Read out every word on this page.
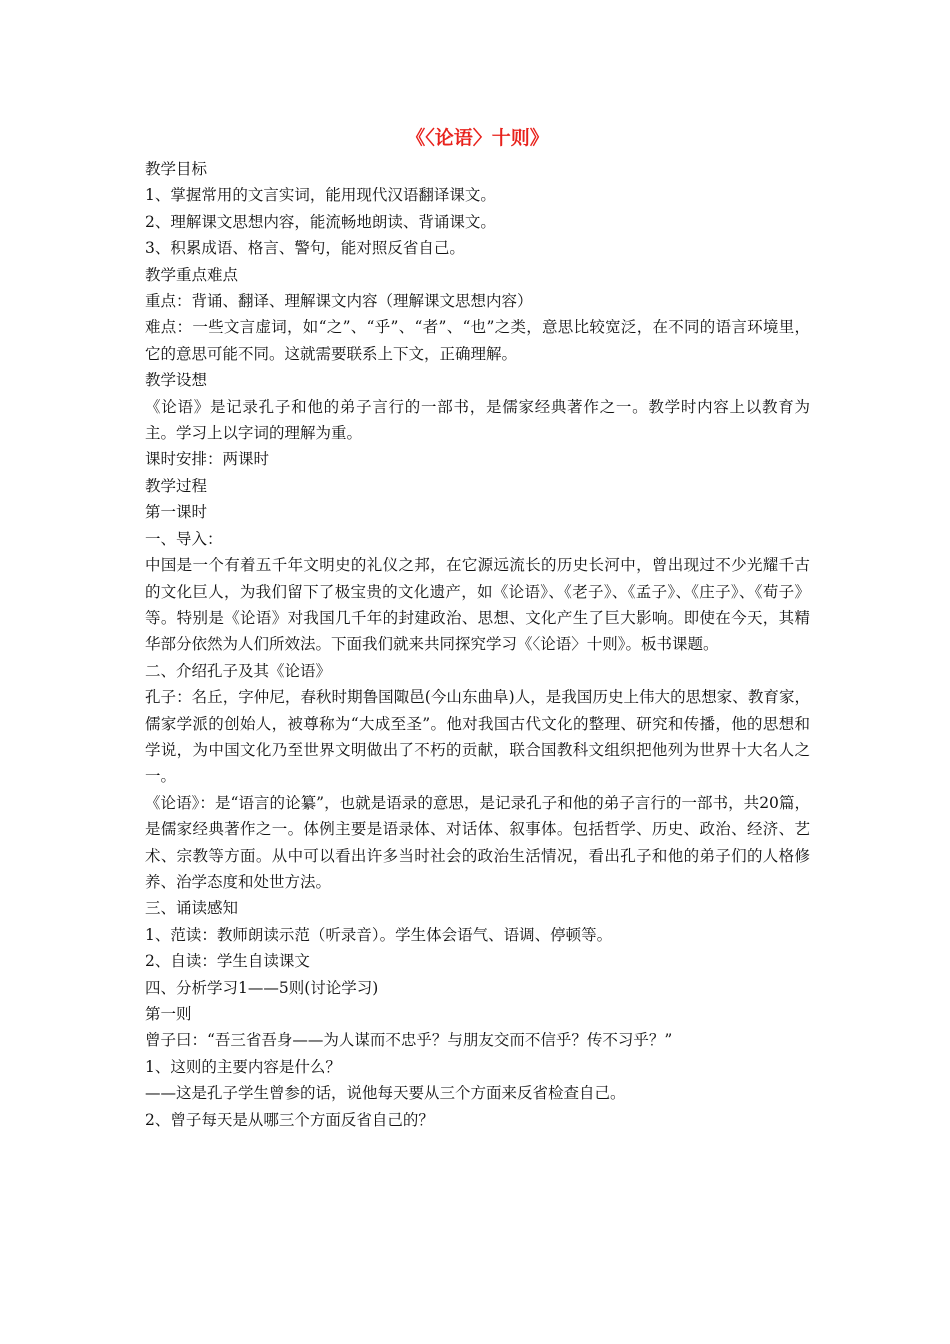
《〈论语〉十则》

教学目标

1、掌握常用的文言实词，能用现代汉语翻译课文。

2、理解课文思想内容，能流畅地朗读、背诵课文。

3、积累成语、格言、警句，能对照反省自己。

教学重点难点

重点：背诵、翻译、理解课文内容（理解课文思想内容）

难点：一些文言虚词，如“之”、“乎”、“者”、“也”之类，意思比较宽泛，在不同的语言环境里，它的意思可能不同。这就需要联系上下文，正确理解。

教学设想

《论语》是记录孔子和他的弟子言行的一部书，是儒家经典著作之一。教学时内容上以教育为主。学习上以字词的理解为重。

课时安排：两课时

教学过程

第一课时

一、导入：

中国是一个有着五千年文明史的礼仪之邦，在它源远流长的历史长河中，曾出现过不少光耀千古的文化巨人，为我们留下了极宝贵的文化遗产，如《论语》、《老子》、《孟子》、《庄子》、《荀子》等。特别是《论语》对我国几千年的封建政治、思想、文化产生了巨大影响。即使在今天，其精华部分依然为人们所效法。下面我们就来共同探究学习《〈论语〉十则》。板书课题。

二、介绍孔子及其《论语》

孔子：名丘，字仲尼，春秋时期鲁国陬邑(今山东曲阜)人，是我国历史上伟大的思想家、教育家，儒家学派的创始人，被尊称为“大成至圣”。他对我国古代文化的整理、研究和传播，他的思想和学说，为中国文化乃至世界文明做出了不朽的贡献，联合国教科文组织把他列为世界十大名人之一。

《论语》：是“语言的论纂”，也就是语录的意思，是记录孔子和他的弟子言行的一部书，共20篇，是儒家经典著作之一。体例主要是语录体、对话体、叙事体。包括哲学、历史、政治、经济、艺术、宗教等方面。从中可以看出许多当时社会的政治生活情况，看出孔子和他的弟子们的人格修养、治学态度和处世方法。

三、诵读感知

1、范读：教师朗读示范（听录音）。学生体会语气、语调、停顿等。

2、自读：学生自读课文

四、分析学习1——5则(讨论学习)

第一则

曾子曰：“吾三省吾身——为人谋而不忠乎？与朋友交而不信乎？传不习乎？”

1、这则的主要内容是什么？

——这是孔子学生曾参的话，说他每天要从三个方面来反省检查自己。

2、曾子每天是从哪三个方面反省自己的？
